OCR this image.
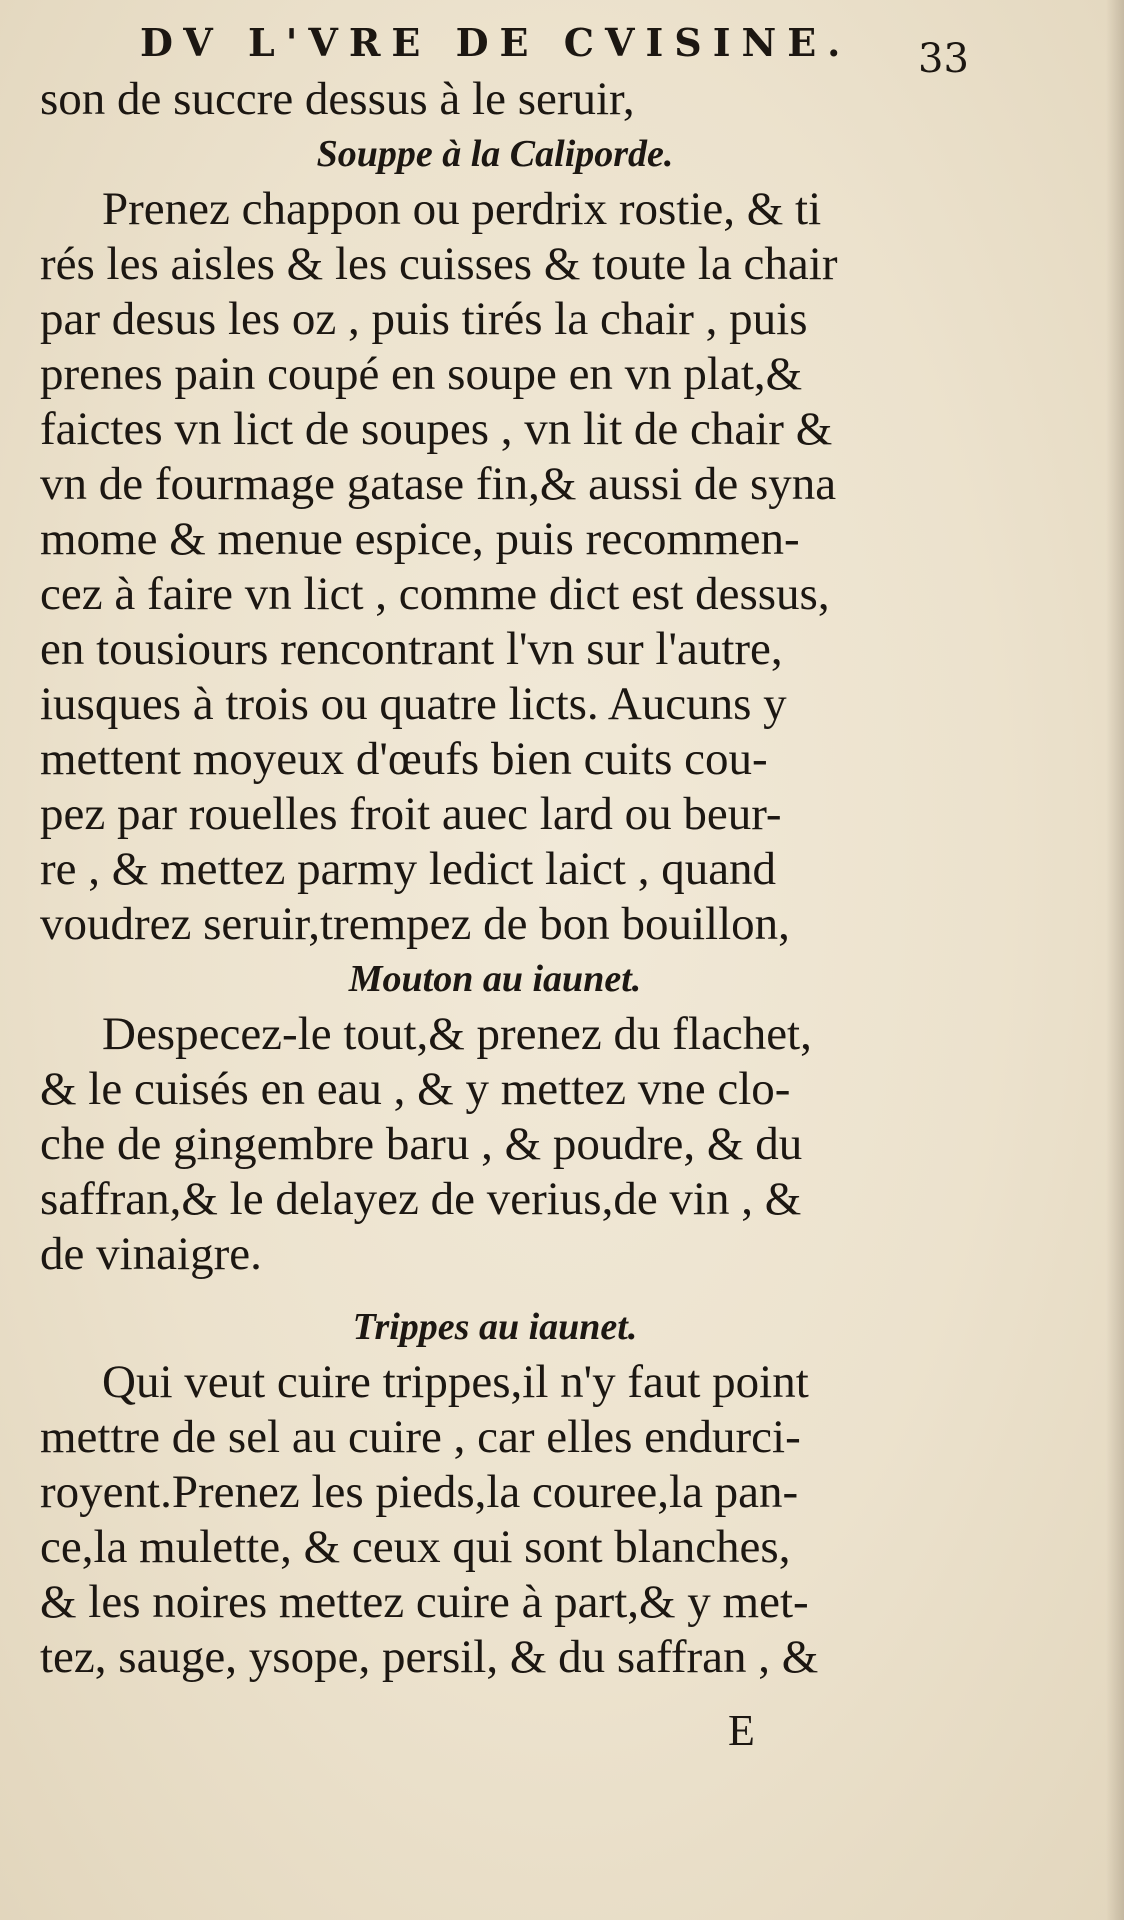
DV L'VRE DE CVISINE.	33
son de succre dessus à le seruir,
Souppe à la Caliporde.
Prenez chappon ou perdrix rostie, & ti
rés les aisles & les cuisses & toute la chair
par desus les oz , puis tirés la chair , puis
prenes pain coupé en soupe en vn plat,&
faictes vn lict de soupes , vn lit de chair &
vn de fourmage gatase fin,& aussi de syna
mome & menue espice, puis recommen-
cez à faire vn lict , comme dict est dessus,
en tousiours rencontrant l'vn sur l'autre,
iusques à trois ou quatre licts. Aucuns y
mettent moyeux d'œufs bien cuits cou-
pez par rouelles froit auec lard ou beur-
re , & mettez parmy ledict laict , quand
voudrez seruir,trempez de bon bouillon,
Mouton au iaunet.
Despecez-le tout,& prenez du flachet,
& le cuisés en eau , & y mettez vne clo-
che de gingembre baru , & poudre, & du
saffran,& le delayez de verius,de vin , &
de vinaigre.
Trippes au iaunet.
Qui veut cuire trippes,il n'y faut point
mettre de sel au cuire , car elles endurci-
royent.Prenez les pieds,la couree,la pan-
ce,la mulette, & ceux qui sont blanches,
& les noires mettez cuire à part,& y met-
tez, sauge, ysope, persil, & du saffran , &
E
